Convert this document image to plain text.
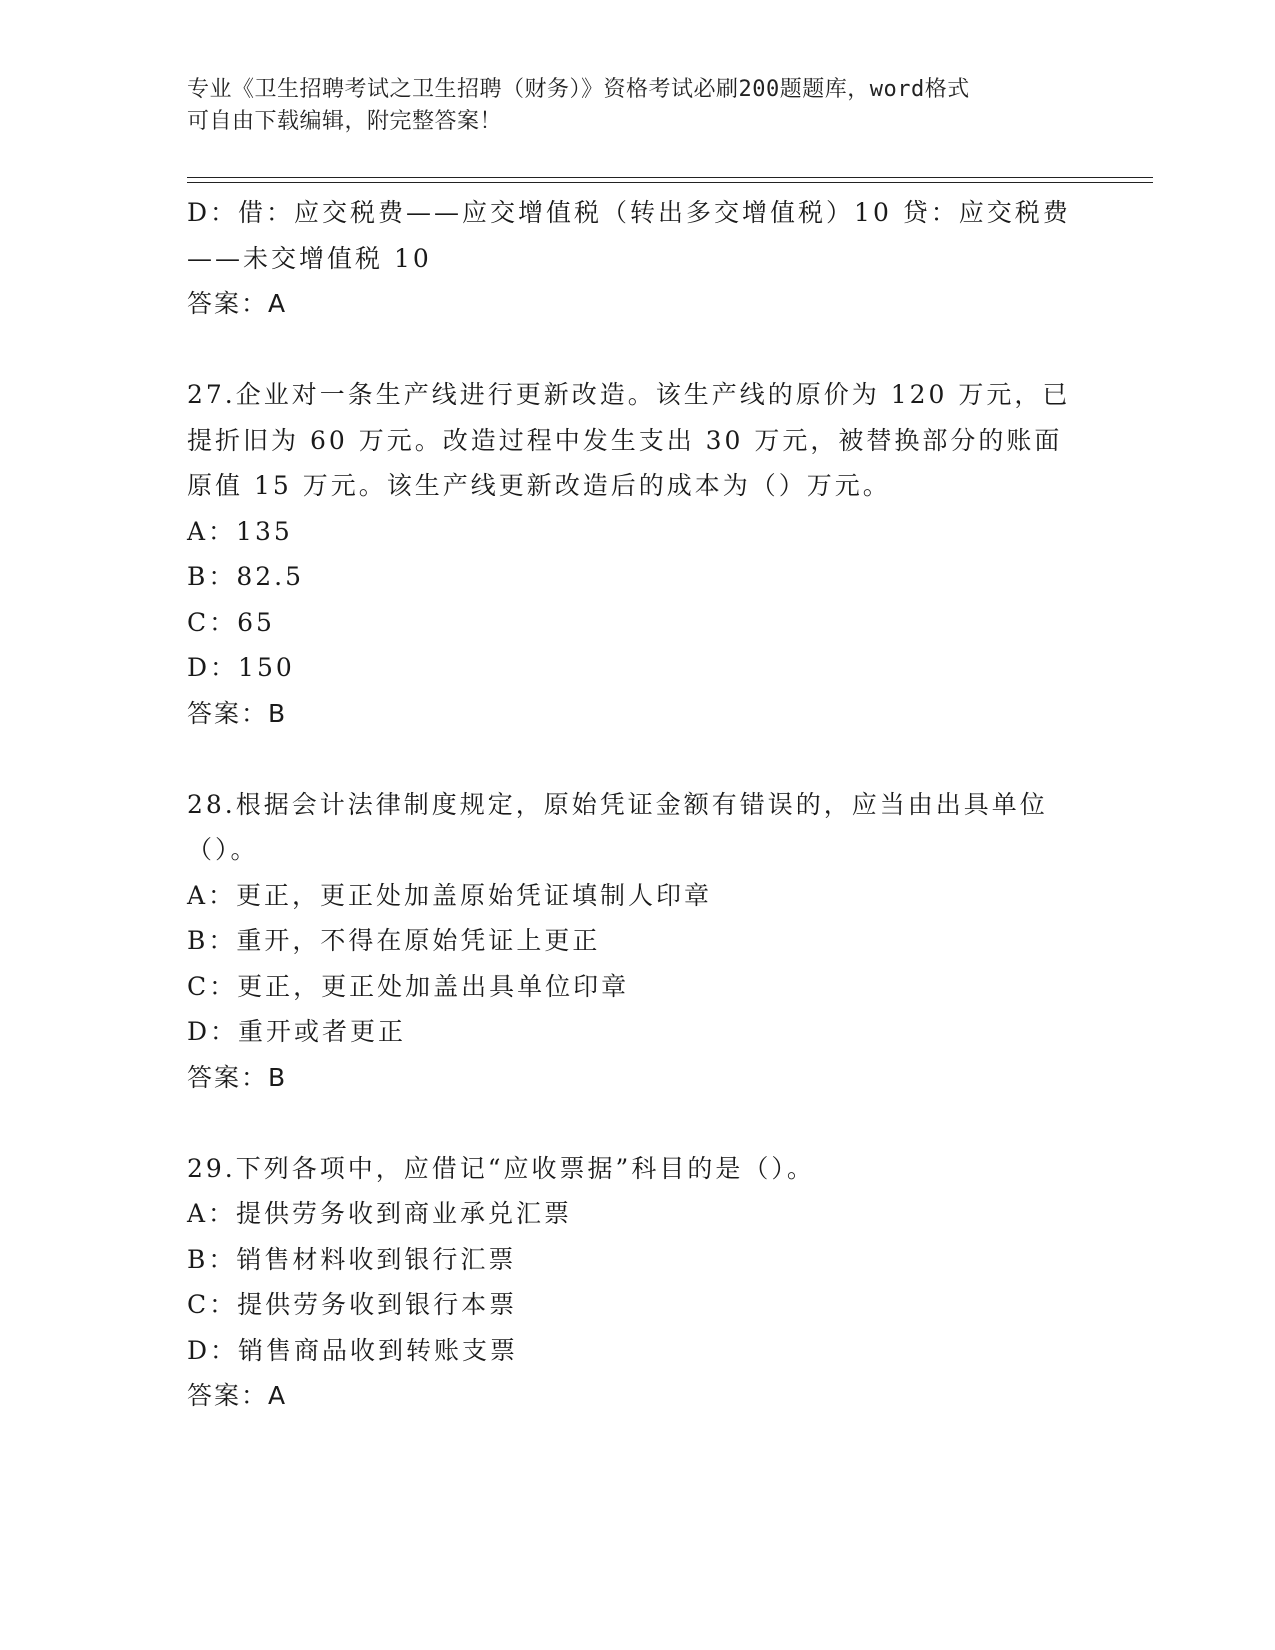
专业《卫生招聘考试之卫生招聘（财务）》资格考试必刷200题题库，word格式
可自由下载编辑，附完整答案！
D：借：应交税费——应交增值税（转出多交增值税）10 贷：应交税费
——未交增值税 10
答案：A
27.企业对一条生产线进行更新改造。该生产线的原价为 120 万元，已
提折旧为 60 万元。改造过程中发生支出 30 万元，被替换部分的账面
原值 15 万元。该生产线更新改造后的成本为（）万元。
A：135
B：82.5
C：65
D：150
答案：B
28.根据会计法律制度规定，原始凭证金额有错误的，应当由出具单位
（）。
A：更正，更正处加盖原始凭证填制人印章
B：重开，不得在原始凭证上更正
C：更正，更正处加盖出具单位印章
D：重开或者更正
答案：B
29.下列各项中，应借记“应收票据”科目的是（）。
A：提供劳务收到商业承兑汇票
B：销售材料收到银行汇票
C：提供劳务收到银行本票
D：销售商品收到转账支票
答案：A
